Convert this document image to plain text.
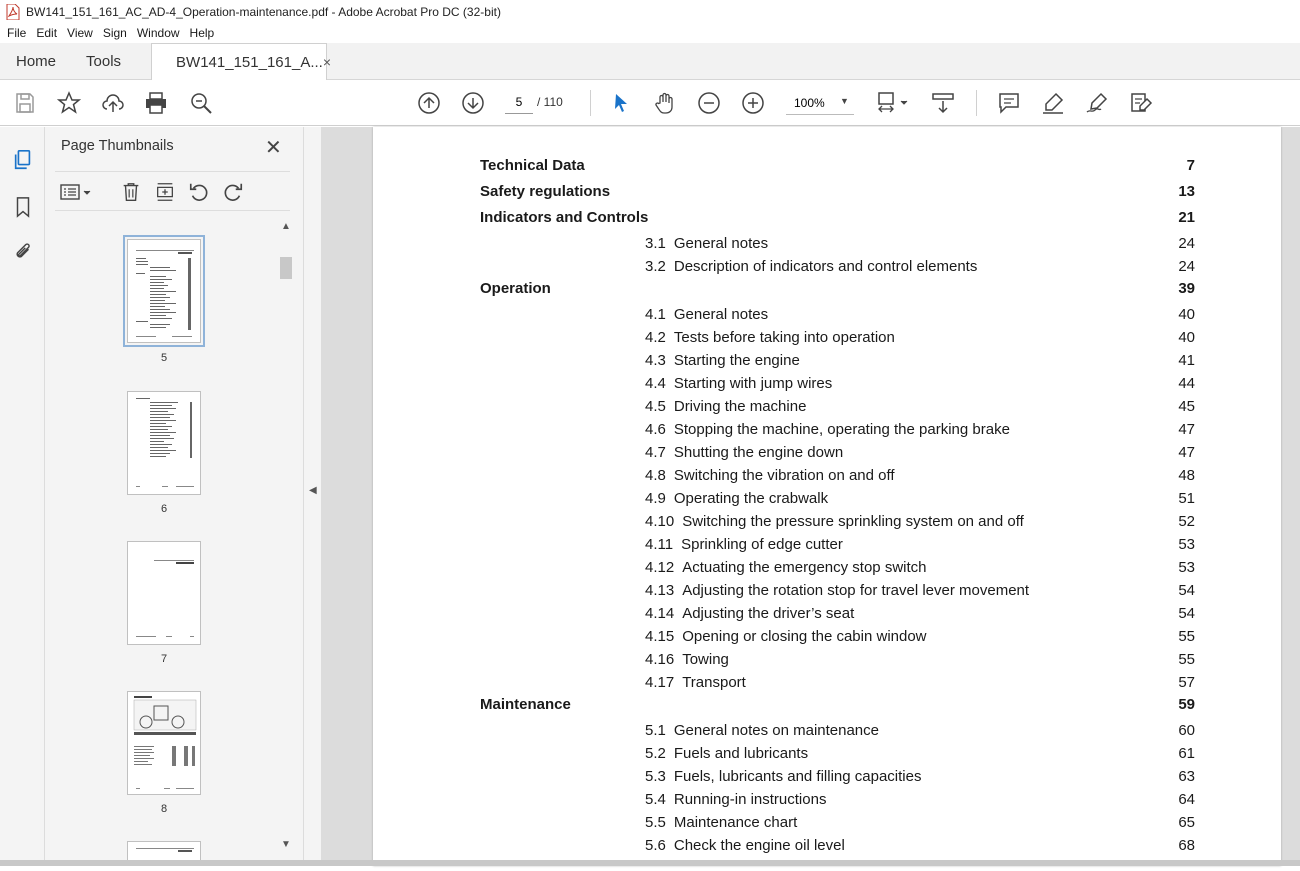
BW141_151_161_AC_AD-4_Operation-maintenance.pdf - Adobe Acrobat Pro DC (32-bit)
File Edit View Sign Window Help
Home Tools	BW141_151_161_A... ×
5
/ 110
100%	▼
Page Thumbnails	✕
5
6
7
8
▲
▼
◀
Technical Data	7
Safety regulations	13
Indicators and Controls	21
3.1 General notes	24
3.2 Description of indicators and control elements	24
Operation	39
4.1 General notes	40
4.2 Tests before taking into operation	40
4.3 Starting the engine	41
4.4 Starting with jump wires	44
4.5 Driving the machine	45
4.6 Stopping the machine, operating the parking brake	47
4.7 Shutting the engine down	47
4.8 Switching the vibration on and off	48
4.9 Operating the crabwalk	51
4.10 Switching the pressure sprinkling system on and off	52
4.11 Sprinkling of edge cutter	53
4.12 Actuating the emergency stop switch	53
4.13 Adjusting the rotation stop for travel lever movement	54
4.14 Adjusting the driver’s seat	54
4.15 Opening or closing the cabin window	55
4.16 Towing	55
4.17 Transport	57
Maintenance	59
5.1 General notes on maintenance	60
5.2 Fuels and lubricants	61
5.3 Fuels, lubricants and filling capacities	63
5.4 Running-in instructions	64
5.5 Maintenance chart	65
5.6 Check the engine oil level	68
